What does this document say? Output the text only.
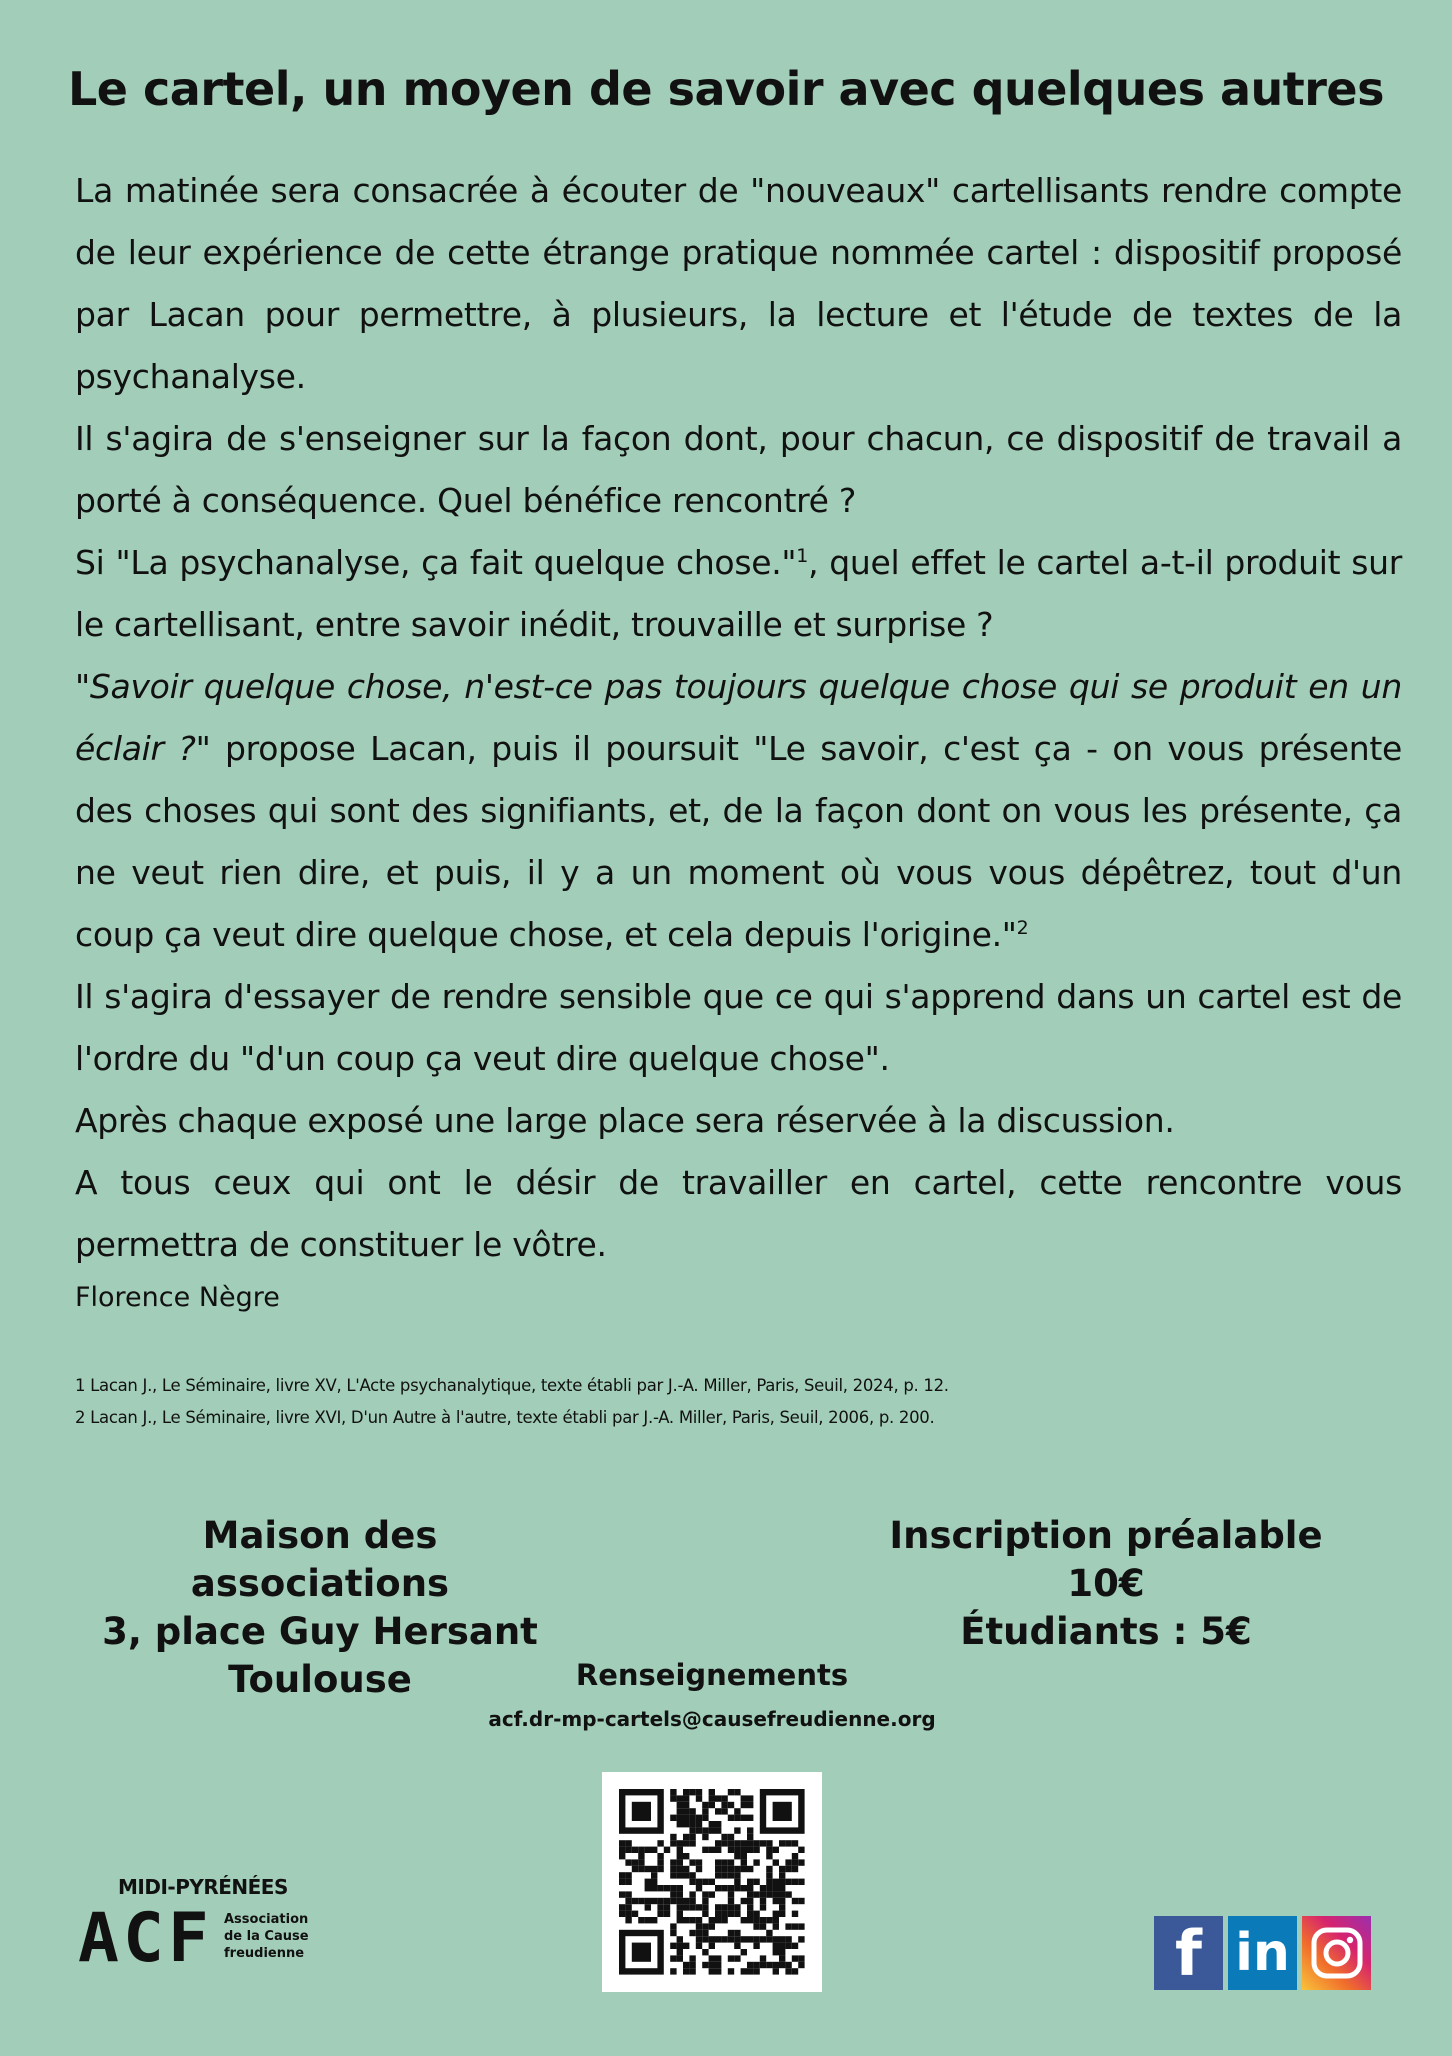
Le cartel, un moyen de savoir avec quelques autres

La matinée sera consacrée à écouter de "nouveaux" cartellisants rendre compte de leur expérience de cette étrange pratique nommée cartel : dispositif proposé par Lacan pour permettre, à plusieurs, la lecture et l'étude de textes de la psychanalyse.

Il s'agira de s'enseigner sur la façon dont, pour chacun, ce dispositif de travail a porté à conséquence. Quel bénéfice rencontré ?

Si "La psychanalyse, ça fait quelque chose."$^1$, quel effet le cartel a-t-il produit sur le cartellisant, entre savoir inédit, trouvaille et surprise ?

"Savoir quelque chose, n'est-ce pas toujours quelque chose qui se produit en un éclair ?" propose Lacan, puis il poursuit "Le savoir, c'est ça - on vous présente des choses qui sont des signifiants, et, de la façon dont on vous les présente, ça ne veut rien dire, et puis, il y a un moment où vous vous dépêtrez, tout d'un coup ça veut dire quelque chose, et cela depuis l'origine."$^2$

Il s'agira d'essayer de rendre sensible que ce qui s'apprend dans un cartel est de l'ordre du "d'un coup ça veut dire quelque chose".

Après chaque exposé une large place sera réservée à la discussion.

A tous ceux qui ont le désir de travailler en cartel, cette rencontre vous permettra de constituer le vôtre.

Florence Nègre
1 Lacan J., Le Séminaire, livre XV, L'Acte psychanalytique, texte établi par J.-A. Miller, Paris, Seuil, 2024, p. 12.
2 Lacan J., Le Séminaire, livre XVI, D'un Autre à l'autre, texte établi par J.-A. Miller, Paris, Seuil, 2006, p. 200.
Maison des associations
3, place Guy Hersant
Toulouse
Inscription préalable
10€
Étudiants : 5€
Renseignements
acf.dr-mp-cartels@causefreudienne.org
MIDI-PYRÉNÉES
ACF Association
de la Cause
freudienne	f in
